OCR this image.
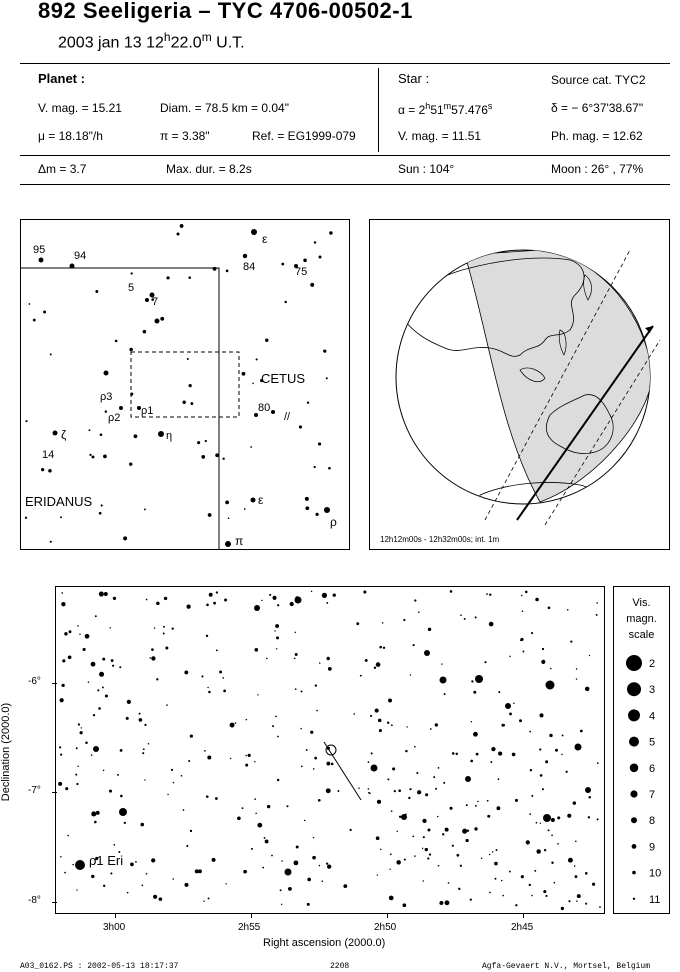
892 Seeligeria – TYC 4706-00502-1
2003 jan 13 12$^h$22.0$^m$ U.T.
Planet :
V. mag. = 15.21	Diam. = 78.5 km = 0.04"
μ = 18.18"/h	π = 3.38"	Ref. = EG1999-079
Star :	Source cat. TYC2
$\alpha = 2^h51^m57.476^s$	δ = − 6°37'38.67"
V. mag. = 11.51	Ph. mag. = 12.62
Δm = 3.7	Max. dur. = 8.2s	Sun : 104°	Moon : 26° , 77%
95	94
5
7
84	75
ε
CETUS
80
//
ρ3
ρ2
ρ1
η
ζ
14
ERIDANUS	ε
ρ
π	12h12m00s - 12h32m00s; int. 1m
ρ1 Eri
-6°
-7°
-8°
3h00	2h55	2h50	2h45
Right ascension (2000.0)
Declination (2000.0)
Vis.
magn.
scale
2
3
4
5
6
7
8
9
10
11
A03_0162.PS : 2002-05-13 18:17:37	2208	Agfa-Gevaert N.V., Mortsel, Belgium
